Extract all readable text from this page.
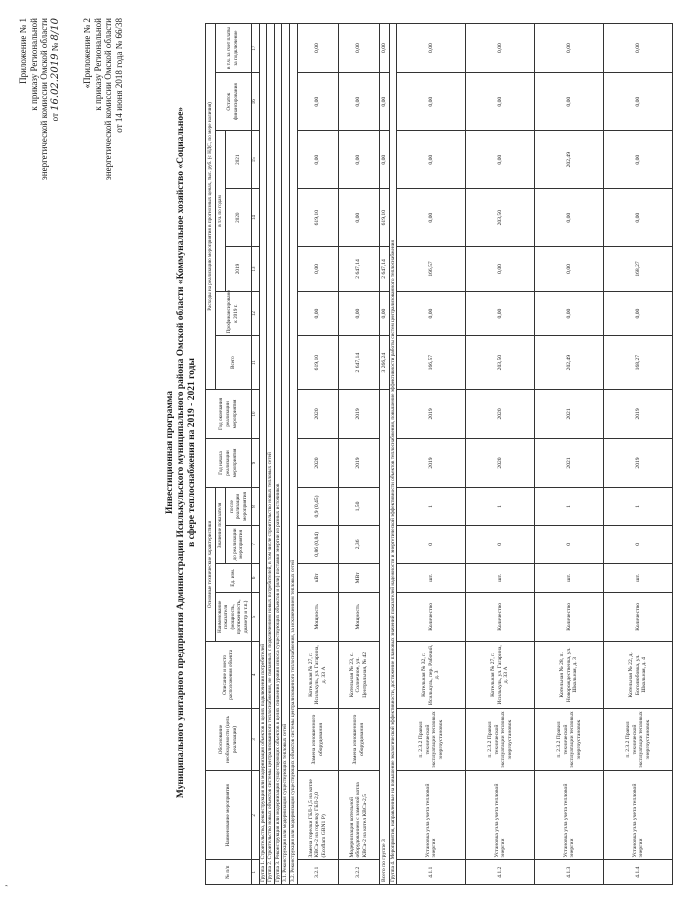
’
Приложение № 1 к приказу Региональной энергетической комиссии Омской области от 16.02.2019 № 8/10 «Приложение № 2 к приказу Региональной энергетической комиссии Омской области от 14 июня 2018 года № 66/38
Инвестиционная программа Муниципального унитарного предприятия Администрации Исилькульского муниципального района Омской области «Коммунальное хозяйство «Социальное» в сфере теплоснабжения на 2019 - 2021 годы
№ п/п	Наименование мероприятия	Обоснование необходимости (цель реализации)	Описание и место расположения объекта	Основные технические характеристики				Год начала реализации мероприятия	Год окончания реализации мероприятия	Расходы на реализацию мероприятия в прогнозных ценах, тыс. руб. (с НДС, по мере наличия)						
				Наименование показателя (мощность, протяженность, диаметр и т.п.)	Ед. изм.	Значение показателя				Всего	Профинансировано к 2019 г.	в т.ч. по годам			Остаток финансирования	в т.ч. за счет платы за подключение
						до реализации мероприятия	после реализации мероприятия					2019	2020	2021		
1	2	3	4	5	6	7	8	9	10	11	12	13	14	15	16	17
Группа 1. Строительство, реконструкция или модернизация объектов в целях подключения потребителей																
Группа 2. Строительство новых объектов системы централизованного теплоснабжения, не связанных с подключением новых потребителей, в том числе строительство новых тепловых сетей																
Группа 3. Реконструкция или модернизация существующих объектов в целях снижения уровня износа существующих объектов и (или) поставки энергии из разных источников																
3.1. Реконструкция или модернизация существующих тепловых сетей																
3.2. Реконструкция или модернизация существующих объектов системы централизованного теплоснабжения, за исключением тепловых сетей																
3.2.1	Замена горелки ГБЛ-1,5 на котле КВСа-2 на горелку ГБЛ-2,0 (Ecoflam GBN1 Р)	Замена изношенного оборудования	Котельная № 27, г. Исилькуль, ул. Гагарина, д. 33 А	Мощность	кВт	0,86 (0,84)	0,9 (0,45)	2020	2020	619,10	0,00	0,00	619,10	0,00	0,00	0,00
3.2.2	Модернизация котельной оборудованием с заменой котла КВСа-2 на котел КВСа-2,5	Замена изношенного оборудования	Котельная № 23, с. Солнечное, ул. Центральная, № 42	Мощность	МВт	2,36	1,50	2019	2019	2 647,14	0,00	2 647,14	0,00	0,00	0,00	0,00
Всего по группе 3										3 266,24	0,00	2 647,14	619,10	0,00	0,00	0,00
Группа 4. Мероприятия, направленные на повышение экологической эффективности, достижение плановых значений показателей надежности и энергетической эффективности объектов теплоснабжения, повышение эффективности работы систем централизованного теплоснабжения																
4.1.1	Установка узла учета тепловой энергии	п. 2.3.2 Правил технической эксплуатации тепловых энергоустановок	Котельная № 32, г. Исилькуль, пер. Рабочий, д. 3	Количество	шт.	0	1	2019	2019	166,57	0,00	166,57	0,00	0,00	0,00	0,00
4.1.2	Установка узла учета тепловой энергии	п. 2.3.2 Правил технической эксплуатации тепловых энергоустановок	Котельная № 27, г. Исилькуль, ул. Гагарина, д. 33 А	Количество	шт.	0	1	2020	2020	203,50	0,00	0,00	203,50	0,00	0,00	0,00
4.1.3	Установка узла учета тепловой энергии	п. 2.3.2 Правил технической эксплуатации тепловых энергоустановок	Котельная № 28, п. Новорождественка, ул. Школьная, д. 3	Количество	шт.	0	1	2021	2021	202,49	0,00	0,00	0,00	202,49	0,00	0,00
4.1.4	Установка узла учета тепловой энергии	п. 2.3.2 Правил технической эксплуатации тепловых энергоустановок	Котельная № 22, д. Боголюбовка, ул. Школьная, д. 4	Количество	шт.	0	1	2019	2019	168,27	0,00	168,27	0,00	0,00	0,00	0,00
